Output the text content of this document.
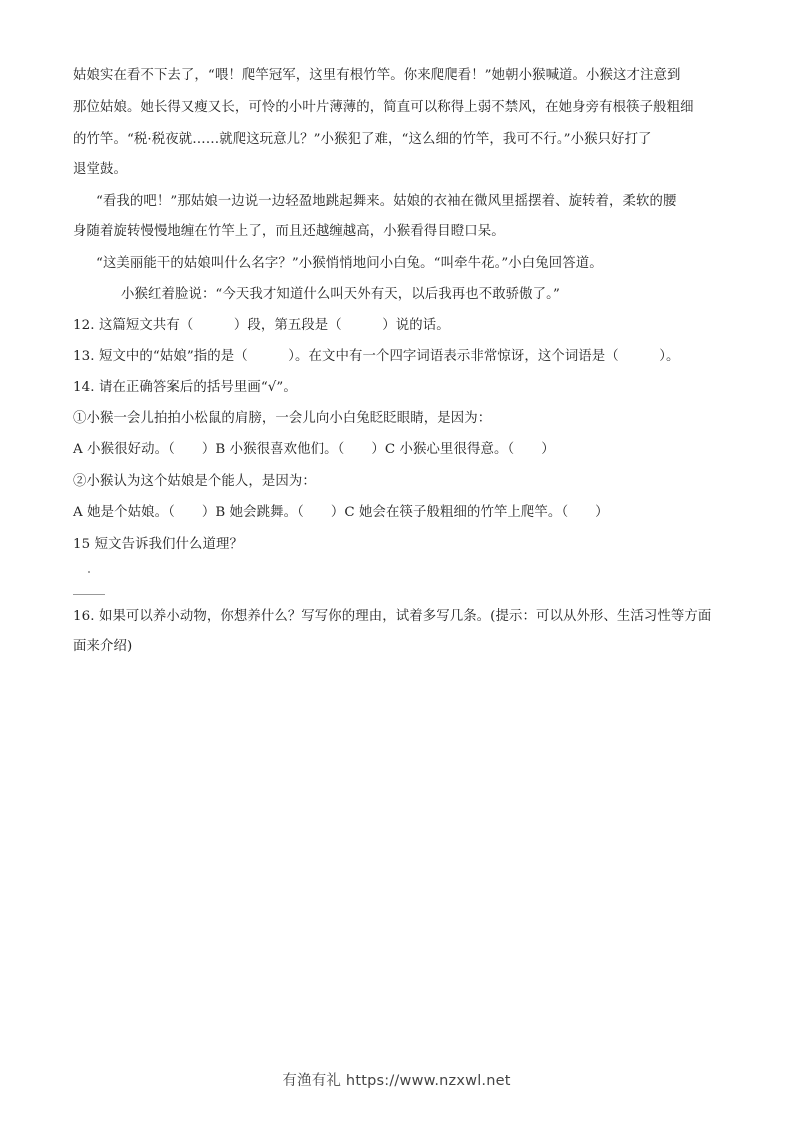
姑娘实在看不下去了，“喂！爬竿冠军，这里有根竹竿。你来爬爬看！”她朝小猴喊道。小猴这才注意到
那位姑娘。她长得又瘦又长，可怜的小叶片薄薄的，简直可以称得上弱不禁风，在她身旁有根筷子般粗细
的竹竿。“税·税夜就……就爬这玩意儿？”小猴犯了难，“这么细的竹竿，我可不行。”小猴只好打了
退堂鼓。
“看我的吧！”那姑娘一边说一边轻盈地跳起舞来。姑娘的衣袖在微风里摇摆着、旋转着，柔软的腰
身随着旋转慢慢地缠在竹竿上了，而且还越缠越高，小猴看得目瞪口呆。
“这美丽能干的姑娘叫什么名字？”小猴悄悄地问小白兔。“叫牵牛花。”小白兔回答道。
小猴红着脸说：“今天我才知道什么叫天外有天，以后我再也不敢骄傲了。”
12. 这篇短文共有（　　　）段，第五段是（　　　）说的话。
13. 短文中的“姑娘”指的是（　　　）。在文中有一个四字词语表示非常惊讶，这个词语是（　　　）。
14. 请在正确答案后的括号里画“√”。
①小猴一会儿拍拍小松鼠的肩膀，一会儿向小白兔眨眨眼睛，是因为：
A 小猴很好动。（　　）B 小猴很喜欢他们。（　　）C 小猴心里很得意。（　　）
②小猴认为这个姑娘是个能人，是因为：
A 她是个姑娘。（　　）B 她会跳舞。（　　）C 她会在筷子般粗细的竹竿上爬竿。（　　）
15 短文告诉我们什么道理？
16. 如果可以养小动物，你想养什么？写写你的理由，试着多写几条。(提示：可以从外形、生活习性等方面
面来介绍)
有渔有礼 https://www.nzxwl.net
